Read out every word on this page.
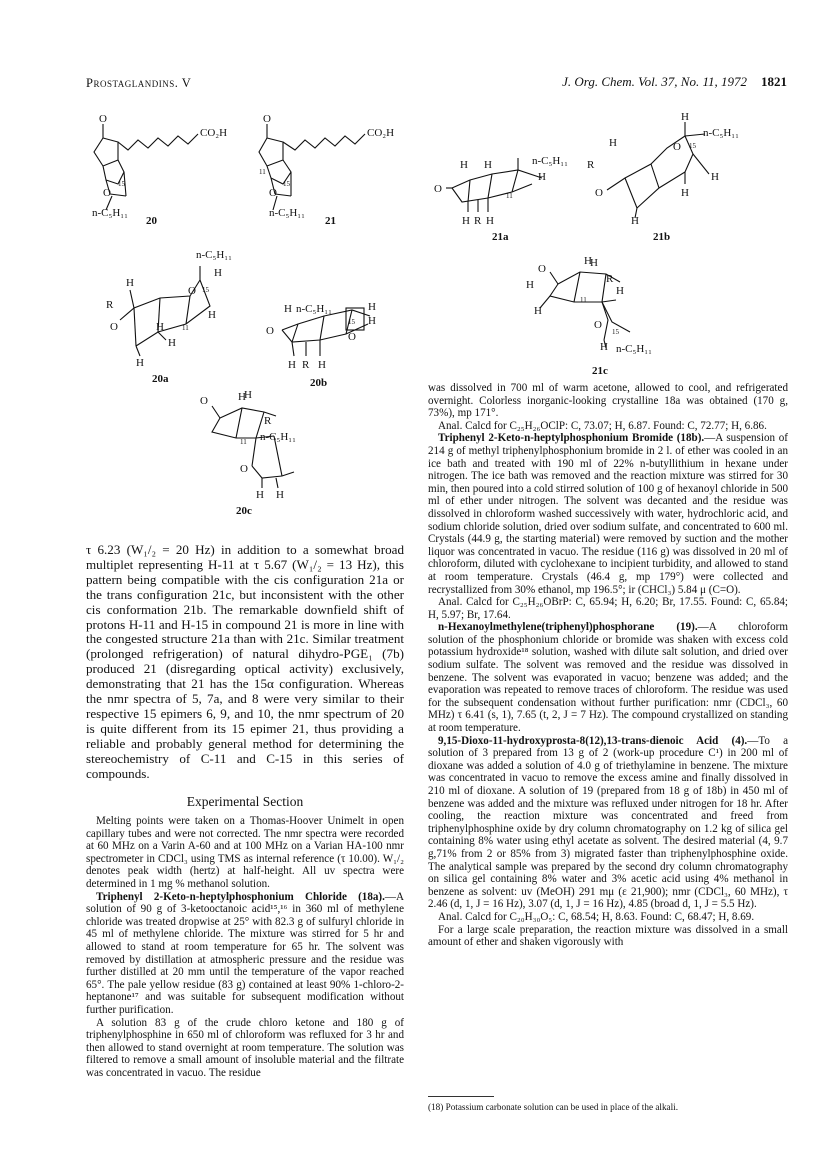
Prostaglandins. V	J. Org. Chem. Vol. 37, No. 11, 1972 1821
O
CO₂H
O
15
n-C₅H₁₁
20
O
CO₂H
11
O
15
n-C₅H₁₁
21
H H	n-C₅H₁₁
H
O
11
H R H
21a
H
H
n-C₅H₁₁
O 15
R
H
O
H
H
21b
n-C₅H₁₁
H
H
O 15
R
H
11
O	H
H
H
20a
H n-C₅H₁₁	H
15 H
O	O
H R H
20b
O
H
H
R
H	H
11
H
O
15
H n-C₅H₁₁
21c
O	H
H
R
n-C₅H₁₁
11
O
H H
20c

τ 6.23 (W₁/₂ = 20 Hz) in addition to a somewhat broad multiplet representing H-11 at τ 5.67 (W₁/₂ = 13 Hz), this pattern being compatible with the cis configuration 21a or the trans configuration 21c, but inconsistent with the other cis conformation 21b. The remarkable downfield shift of protons H-11 and H-15 in compound 21 is more in line with the congested structure 21a than with 21c. Similar treatment (prolonged refrigeration) of natural dihydro-PGE₁ (7b) produced 21 (disregarding optical activity) exclusively, demonstrating that 21 has the 15α configuration. Whereas the nmr spectra of 5, 7a, and 8 were very similar to their respective 15 epimers 6, 9, and 10, the nmr spectrum of 20 is quite different from its 15 epimer 21, thus providing a reliable and probably general method for determining the stereochemistry of C-11 and C-15 in this series of compounds.

Experimental Section

Melting points were taken on a Thomas-Hoover Unimelt in open capillary tubes and were not corrected. The nmr spectra were recorded at 60 MHz on a Varin A-60 and at 100 MHz on a Varian HA-100 nmr spectrometer in CDCl₃ using TMS as internal reference (τ 10.00). W₁/₂ denotes peak width (hertz) at half-height. All uv spectra were determined in 1 mg % methanol solution.

Triphenyl 2-Keto-n-heptylphosphonium Chloride (18a).—A solution of 90 g of 3-ketooctanoic acid¹⁵,¹⁶ in 360 ml of methylene chloride was treated dropwise at 25° with 82.3 g of sulfuryl chloride in 45 ml of methylene chloride. The mixture was stirred for 5 hr and allowed to stand at room temperature for 65 hr. The solvent was removed by distillation at atmospheric pressure and the residue was further distilled at 20 mm until the temperature of the vapor reached 65°. The pale yellow residue (83 g) contained at least 90% 1-chloro-2-heptanone¹⁷ and was suitable for subsequent modification without further purification.

A solution 83 g of the crude chloro ketone and 180 g of triphenylphosphine in 650 ml of chloroform was refluxed for 3 hr and then allowed to stand overnight at room temperature. The solution was filtered to remove a small amount of insoluble material and the filtrate was concentrated in vacuo. The residue

was dissolved in 700 ml of warm acetone, allowed to cool, and refrigerated overnight. Colorless inorganic-looking crystalline 18a was obtained (170 g, 73%), mp 171°.

Anal. Calcd for C₂₅H₂₆OClP: C, 73.07; H, 6.87. Found: C, 72.77; H, 6.86.

Triphenyl 2-Keto-n-heptylphosphonium Bromide (18b).—A suspension of 214 g of methyl triphenylphosphonium bromide in 2 l. of ether was cooled in an ice bath and treated with 190 ml of 22% n-butyllithium in hexane under nitrogen. The ice bath was removed and the reaction mixture was stirred for 30 min, then poured into a cold stirred solution of 100 g of hexanoyl chloride in 500 ml of ether under nitrogen. The solvent was decanted and the residue was dissolved in chloroform washed successively with water, hydrochloric acid, and sodium chloride solution, dried over sodium sulfate, and concentrated to 600 ml. Crystals (44.9 g, the starting material) were removed by suction and the mother liquor was concentrated in vacuo. The residue (116 g) was dissolved in 20 ml of chloroform, diluted with cyclohexane to incipient turbidity, and allowed to stand at room temperature. Crystals (46.4 g, mp 179°) were collected and recrystallized from 30% ethanol, mp 196.5°; ir (CHCl₃) 5.84 μ (C=O).

Anal. Calcd for C₂₅H₂₆OBrP: C, 65.94; H, 6.20; Br, 17.55. Found: C, 65.84; H, 5.97; Br, 17.64.

n-Hexanoylmethylene(triphenyl)phosphorane (19).—A chloroform solution of the phosphonium chloride or bromide was shaken with excess cold potassium hydroxide¹⁸ solution, washed with dilute salt solution, and dried over sodium sulfate. The solvent was removed and the residue was dissolved in benzene. The solvent was evaporated in vacuo; benzene was added; and the evaporation was repeated to remove traces of chloroform. The residue was used for the subsequent condensation without further purification: nmr (CDCl₃, 60 MHz) τ 6.41 (s, 1), 7.65 (t, 2, J = 7 Hz). The compound crystallized on standing at room temperature.

9,15-Dioxo-11-hydroxyprosta-8(12),13-trans-dienoic Acid (4).—To a solution of 3 prepared from 13 g of 2 (work-up procedure C¹) in 200 ml of dioxane was added a solution of 4.0 g of triethylamine in benzene. The mixture was concentrated in vacuo to remove the excess amine and finally dissolved in 210 ml of dioxane. A solution of 19 (prepared from 18 g of 18b) in 450 ml of benzene was added and the mixture was refluxed under nitrogen for 18 hr. After cooling, the reaction mixture was concentrated and freed from triphenylphosphine oxide by dry column chromatography on 1.2 kg of silica gel containing 8% water using ethyl acetate as solvent. The desired material (4, 9.7 g,71% from 2 or 85% from 3) migrated faster than triphenylphosphine oxide. The analytical sample was prepared by the second dry column chromatography on silica gel containing 8% water and 3% acetic acid using 4% methanol in benzene as solvent: uv (MeOH) 291 mμ (ε 21,900); nmr (CDCl₃, 60 MHz), τ 2.46 (d, 1, J = 16 Hz), 3.07 (d, 1, J = 16 Hz), 4.85 (broad d, 1, J = 5.5 Hz).

Anal. Calcd for C₂₀H₃₀O₅: C, 68.54; H, 8.63. Found: C, 68.47; H, 8.69.

For a large scale preparation, the reaction mixture was dissolved in a small amount of ether and shaken vigorously with

(18) Potassium carbonate solution can be used in place of the alkali.
